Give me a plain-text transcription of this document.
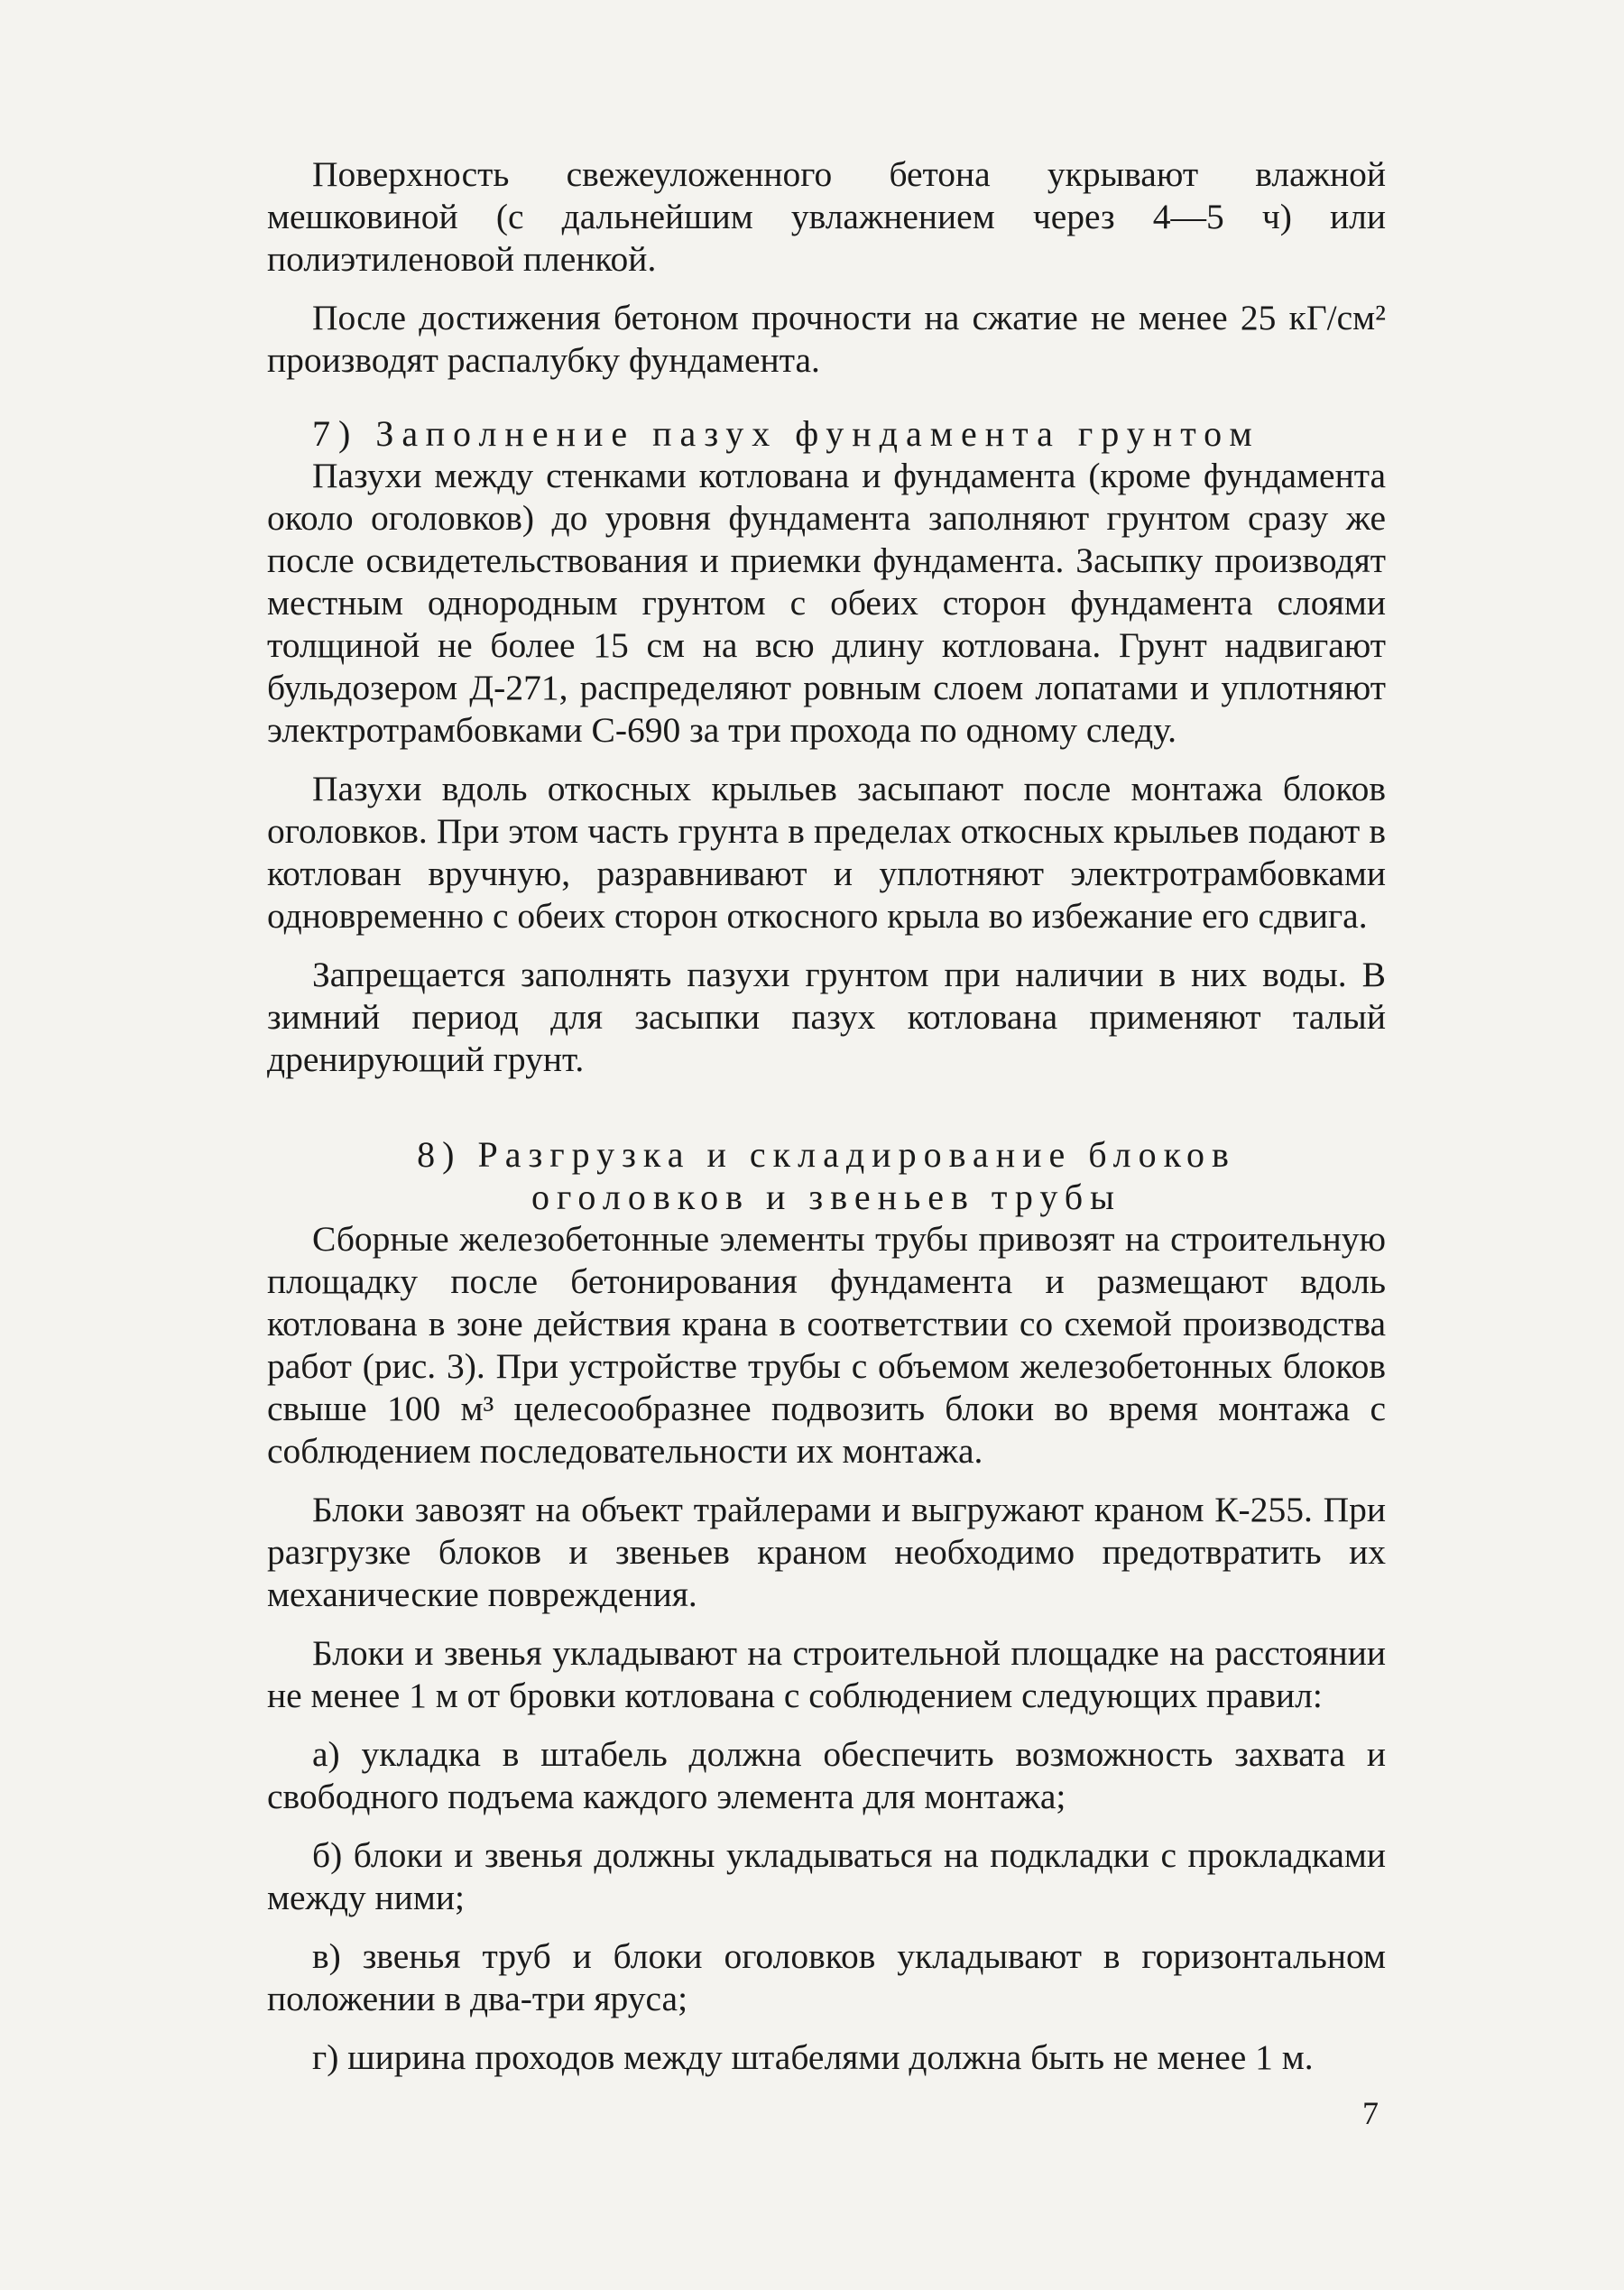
Поверхность свежеуложенного бетона укрывают влажной мешковиной (с дальнейшим увлажнением через 4—5 ч) или полиэтиленовой пленкой.

После достижения бетоном прочности на сжатие не менее 25 кГ/см² производят распалубку фундамента.

7) Заполнение пазух фундамента грунтом

Пазухи между стенками котлована и фундамента (кроме фундамента около оголовков) до уровня фундамента заполняют грунтом сразу же после освидетельствования и приемки фундамента. Засыпку производят местным однородным грунтом с обеих сторон фундамента слоями толщиной не более 15 см на всю длину котлована. Грунт надвигают бульдозером Д-271, распределяют ровным слоем лопатами и уплотняют электротрамбовками С-690 за три прохода по одному следу.

Пазухи вдоль откосных крыльев засыпают после монтажа блоков оголовков. При этом часть грунта в пределах откосных крыльев подают в котлован вручную, разравнивают и уплотняют электротрамбовками одновременно с обеих сторон откосного крыла во избежание его сдвига.

Запрещается заполнять пазухи грунтом при наличии в них воды. В зимний период для засыпки пазух котлована применяют талый дренирующий грунт.

8) Разгрузка и складирование блоков
оголовков и звеньев трубы

Сборные железобетонные элементы трубы привозят на строительную площадку после бетонирования фундамента и размещают вдоль котлована в зоне действия крана в соответствии со схемой производства работ (рис. 3). При устройстве трубы с объемом железобетонных блоков свыше 100 м³ целесообразнее подвозить блоки во время монтажа с соблюдением последовательности их монтажа.

Блоки завозят на объект трайлерами и выгружают краном К-255. При разгрузке блоков и звеньев краном необходимо предотвратить их механические повреждения.

Блоки и звенья укладывают на строительной площадке на расстоянии не менее 1 м от бровки котлована с соблюдением следующих правил:

а) укладка в штабель должна обеспечить возможность захвата и свободного подъема каждого элемента для монтажа;

б) блоки и звенья должны укладываться на подкладки с прокладками между ними;

в) звенья труб и блоки оголовков укладывают в горизонтальном положении в два-три яруса;

г) ширина проходов между штабелями должна быть не менее 1 м.

7
